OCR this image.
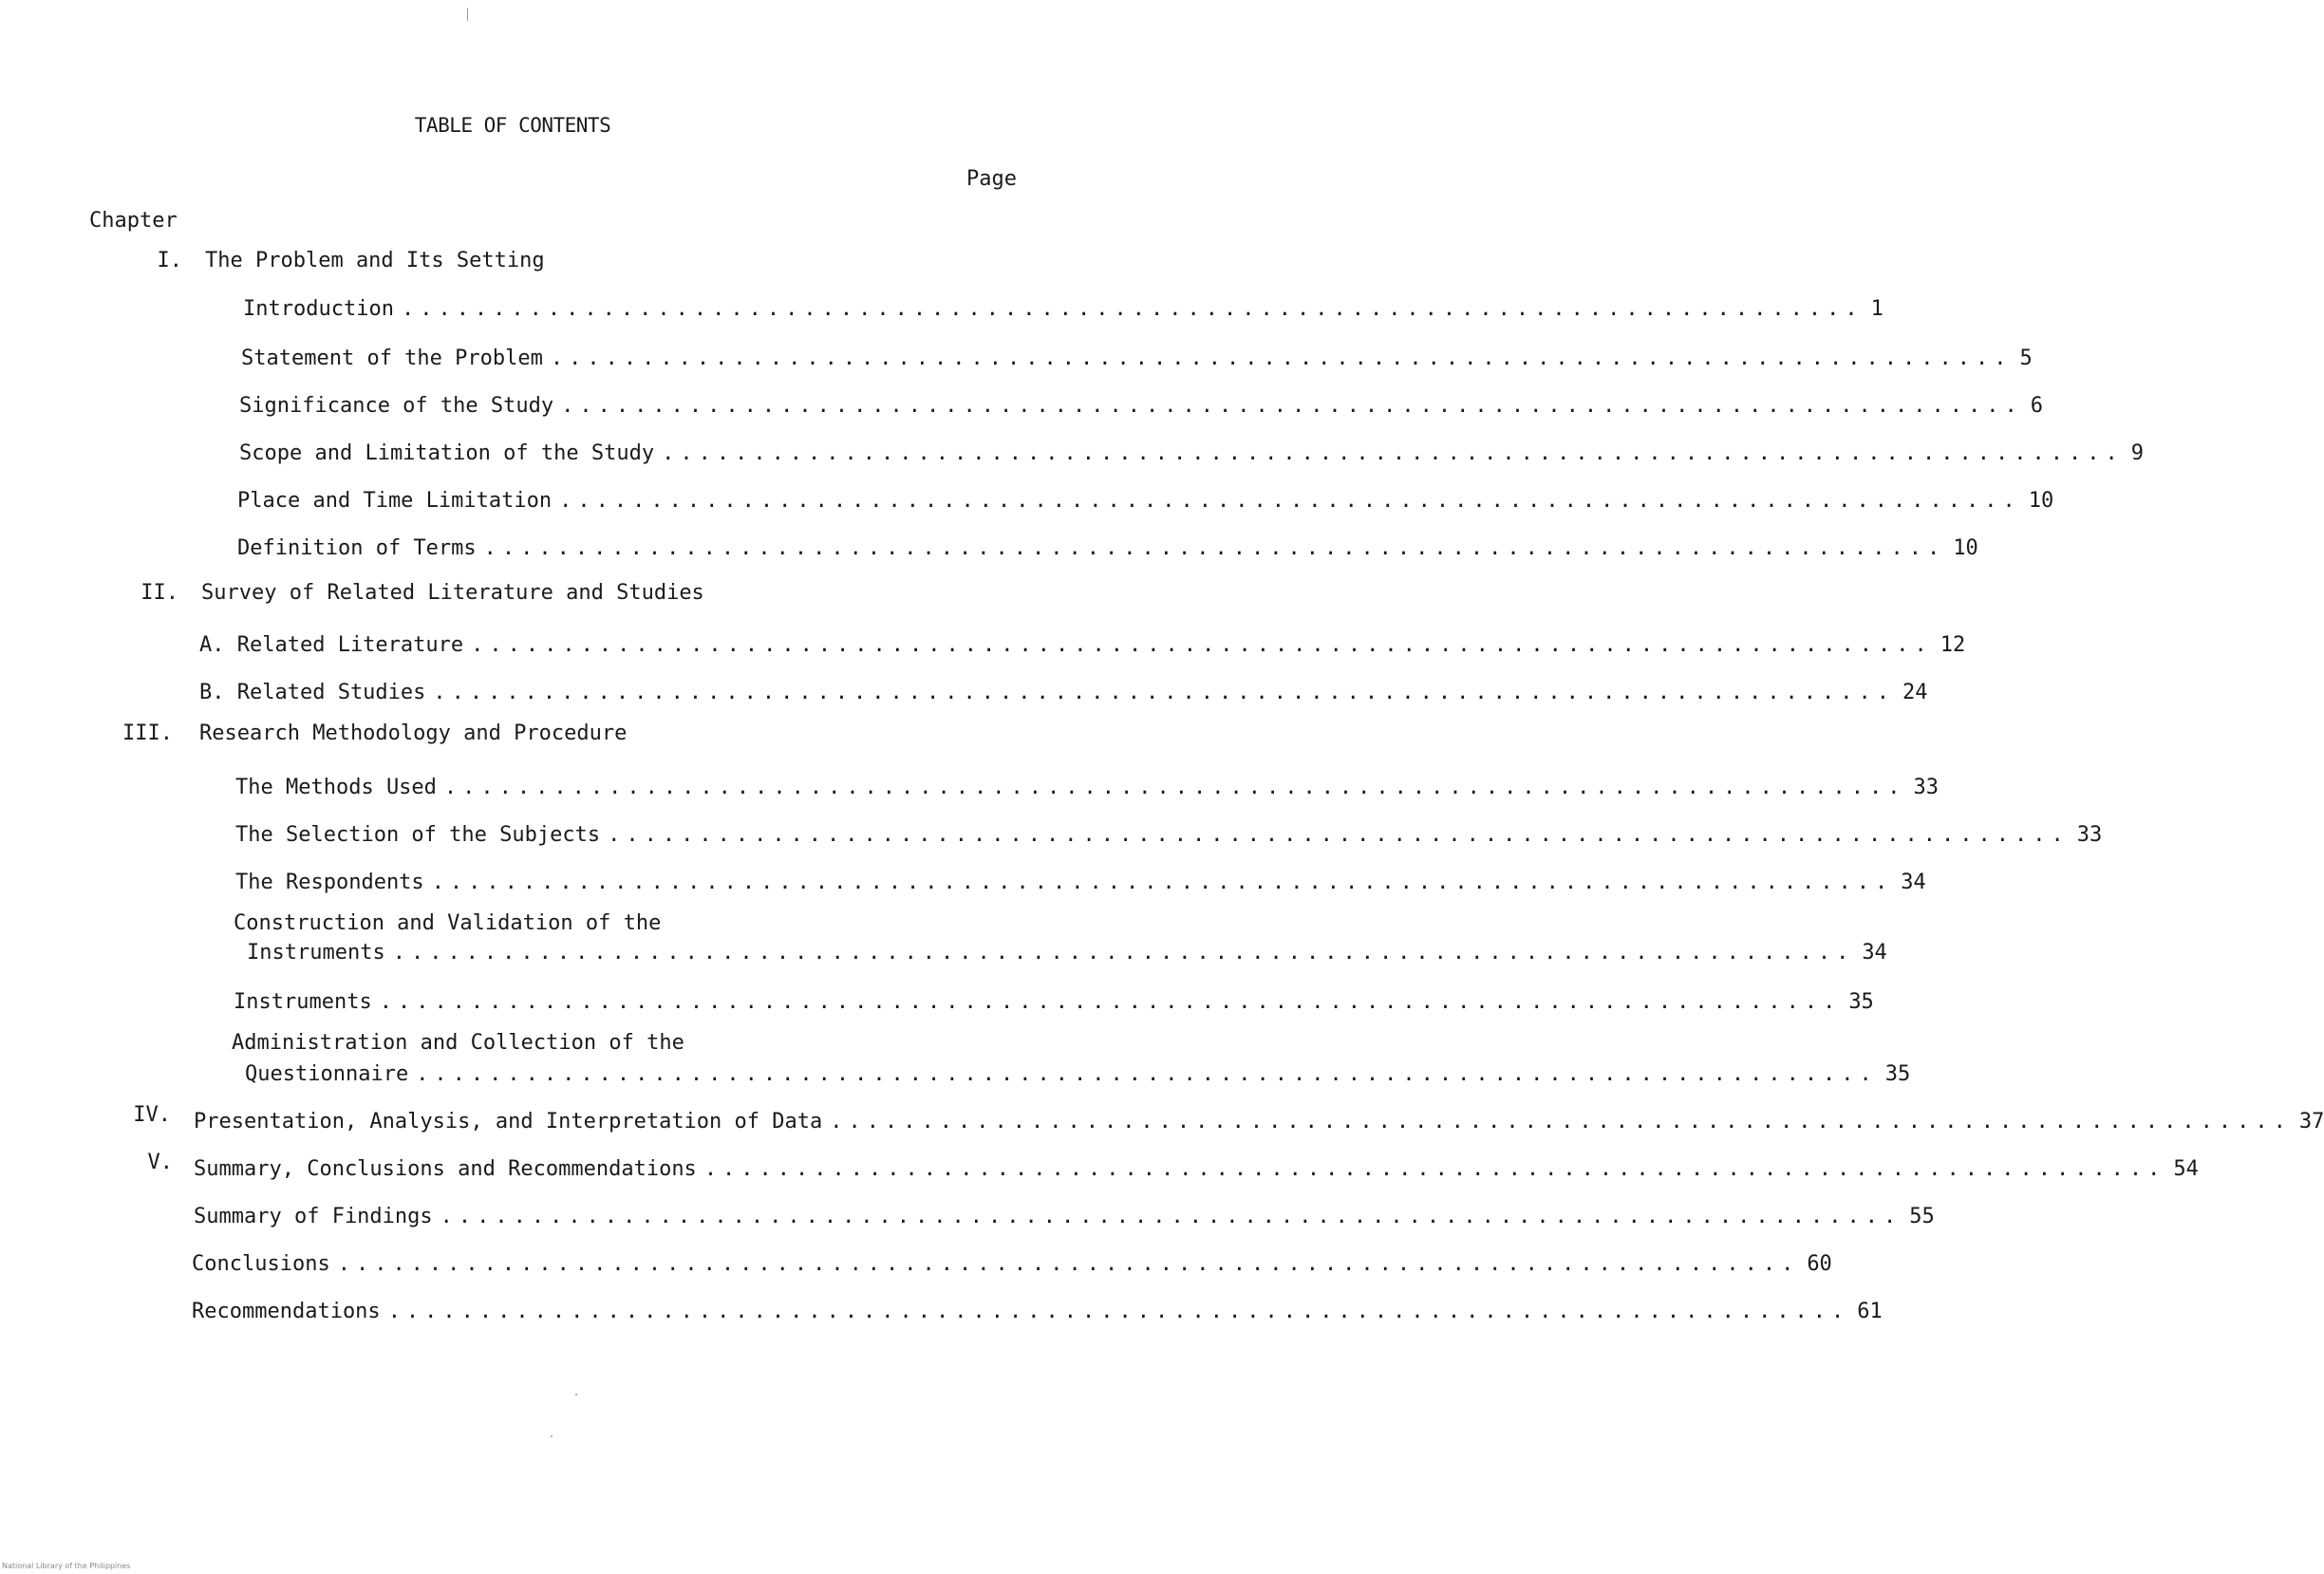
TABLE OF CONTENTS
Page
Chapter
I. The Problem and Its Setting
Introduction ................................................................................ 1
Statement of the Problem ................................................................................ 5
Significance of the Study ................................................................................ 6
Scope and Limitation of the Study ................................................................................ 9
Place and Time Limitation ................................................................................ 10
Definition of Terms ................................................................................ 10
II. Survey of Related Literature and Studies
A. Related Literature ................................................................................ 12
B. Related Studies ................................................................................ 24
III. Research Methodology and Procedure
The Methods Used ................................................................................ 33
The Selection of the Subjects ................................................................................ 33
The Respondents ................................................................................ 34
Construction and Validation of the
Instruments ................................................................................ 34
Instruments ................................................................................ 35
Administration and Collection of the
Questionnaire ................................................................................ 35
IV. Presentation, Analysis, and Interpretation of Data ................................................................................ 37
V. Summary, Conclusions and Recommendations ................................................................................ 54
Summary of Findings ................................................................................ 55
Conclusions ................................................................................ 60
Recommendations ................................................................................ 61
National Library of the Philippines
